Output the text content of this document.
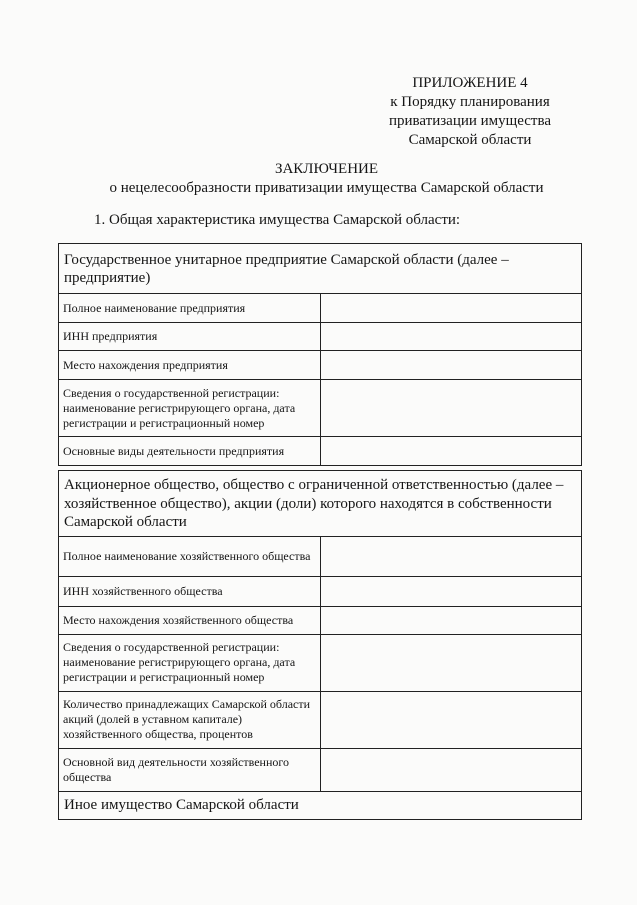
ПРИЛОЖЕНИЕ 4
к Порядку планирования
приватизации имущества
Самарской области
ЗАКЛЮЧЕНИЕ
о нецелесообразности приватизации имущества Самарской области
1. Общая характеристика имущества Самарской области:
Государственное унитарное предприятие Самарской области (далее – предприятие)	
Полное наименование предприятия	
ИНН предприятия	
Место нахождения предприятия	
Сведения о государственной регистрации: наименование регистрирующего органа, дата регистрации и регистрационный номер	
Основные виды деятельности предприятия	
Акционерное общество, общество с ограниченной ответственностью (далее – хозяйственное общество), акции (доли) которого находятся в собственности Самарской области	
Полное наименование хозяйственного общества	
ИНН хозяйственного общества	
Место нахождения хозяйственного общества	
Сведения о государственной регистрации: наименование регистрирующего органа, дата регистрации и регистрационный номер	
Количество принадлежащих Самарской области акций (долей в уставном капитале) хозяйственного общества, процентов	
Основной вид деятельности хозяйственного общества	
Иное имущество Самарской области	
